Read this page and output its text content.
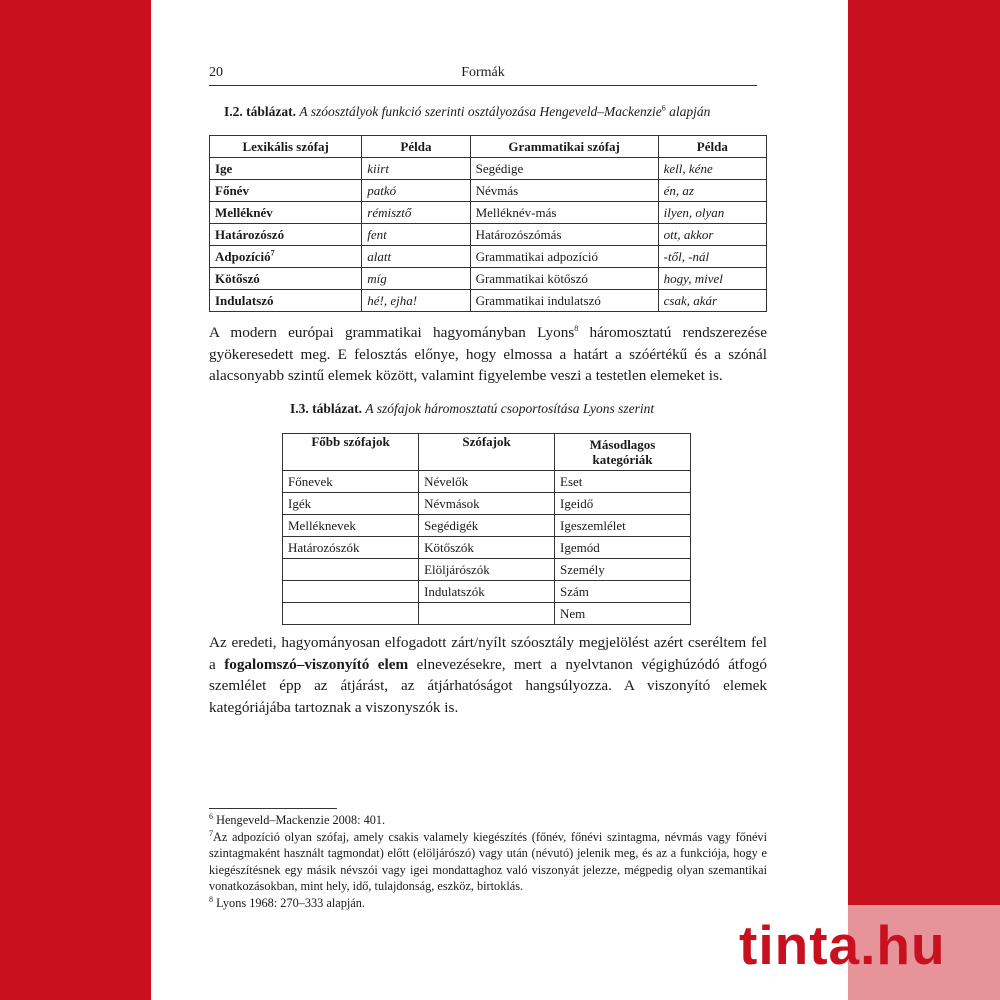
20	Formák
I.2. táblázat. A szóosztályok funkció szerinti osztályozása Hengeveld–Mackenzie$^6$ alapján
Lexikális szófaj	Példa	Grammatikai szófaj	Példa
Ige	kiirt	Segédige	kell, kéne
Főnév	patkó	Névmás	én, az
Melléknév	rémisztő	Melléknév-más	ilyen, olyan
Határozószó	fent	Határozószómás	ott, akkor
Adpozíció$^7$	alatt	Grammatikai adpozíció	-től, -nál
Kötőszó	míg	Grammatikai kötőszó	hogy, mivel
Indulatszó	hé!, ejha!	Grammatikai indulatszó	csak, akár
A modern európai grammatikai hagyományban Lyons$^8$ háromosztatú rendszerezése gyökeresedett meg. E felosztás előnye, hogy elmossa a határt a szóértékű és a szónál alacsonyabb szintű elemek között, valamint figyelembe veszi a testetlen elemeket is.
I.3. táblázat. A szófajok háromosztatú csoportosítása Lyons szerint
Főbb szófajok	Szófajok	Másodlagos kategóriák
Főnevek	Névelők	Eset
Igék	Névmások	Igeidő
Melléknevek	Segédigék	Igeszemlélet
Határozószók	Kötőszók	Igemód
	Elöljárószók	Személy
	Indulatszók	Szám
		Nem
Az eredeti, hagyományosan elfogadott zárt/nyílt szóosztály megjelölést azért cseréltem fel a fogalomszó–viszonyító elem elnevezésekre, mert a nyelvtanon végighúzódó átfogó szemlélet épp az átjárást, az átjárhatóságot hangsúlyozza. A viszonyító elemek kategóriájába tartoznak a viszonyszók is.
$^6$ Hengeveld–Mackenzie 2008: 401.
$^7$Az adpozíció olyan szófaj, amely csakis valamely kiegészítés (főnév, főnévi szintagma, névmás vagy főnévi szintagmaként használt tagmondat) előtt (elöljárószó) vagy után (névutó) jelenik meg, és az a funkciója, hogy e kiegészítésnek egy másik névszói vagy igei mondattaghoz való viszonyát jelezze, mégpedig olyan szemantikai vonatkozásokban, mint hely, idő, tulajdonság, eszköz, birtoklás.
$^8$ Lyons 1968: 270–333 alapján.
tinta.hu
